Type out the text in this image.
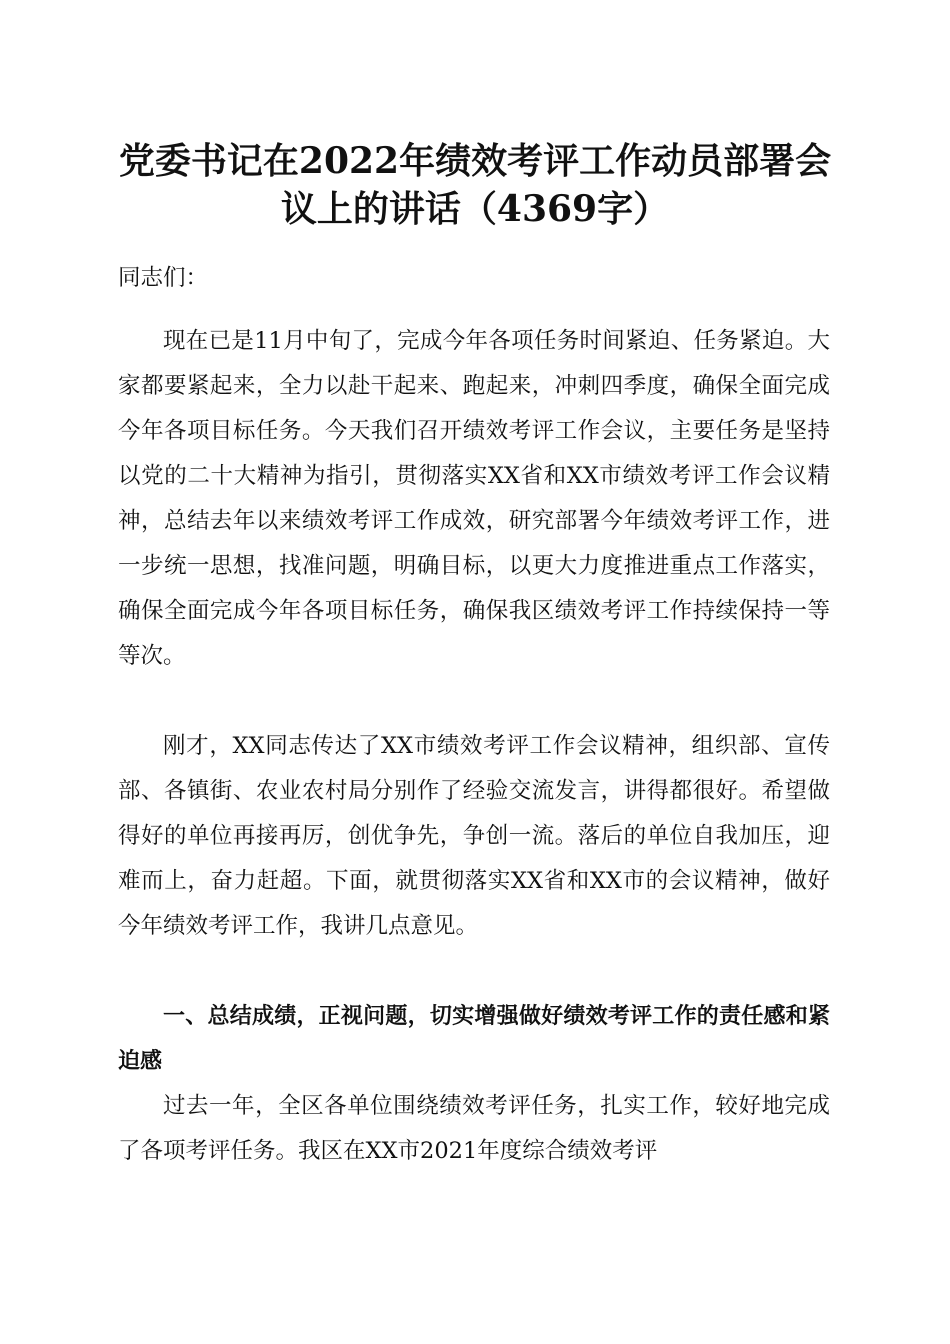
党委书记在2022年绩效考评工作动员部署会
议上的讲话（4369字）

同志们：

现在已是11月中旬了，完成今年各项任务时间紧迫、任务紧迫。大家都要紧起来，全力以赴干起来、跑起来，冲刺四季度，确保全面完成今年各项目标任务。今天我们召开绩效考评工作会议，主要任务是坚持以党的二十大精神为指引，贯彻落实XX省和XX市绩效考评工作会议精神，总结去年以来绩效考评工作成效，研究部署今年绩效考评工作，进一步统一思想，找准问题，明确目标，以更大力度推进重点工作落实，确保全面完成今年各项目标任务，确保我区绩效考评工作持续保持一等等次。

刚才，XX同志传达了XX市绩效考评工作会议精神，组织部、宣传部、各镇街、农业农村局分别作了经验交流发言，讲得都很好。希望做得好的单位再接再厉，创优争先，争创一流。落后的单位自我加压，迎难而上，奋力赶超。下面，就贯彻落实XX省和XX市的会议精神，做好今年绩效考评工作，我讲几点意见。

一、总结成绩，正视问题，切实增强做好绩效考评工作的责任感和紧迫感

过去一年，全区各单位围绕绩效考评任务，扎实工作，较好地完成了各项考评任务。我区在XX市2021年度综合绩效考评
